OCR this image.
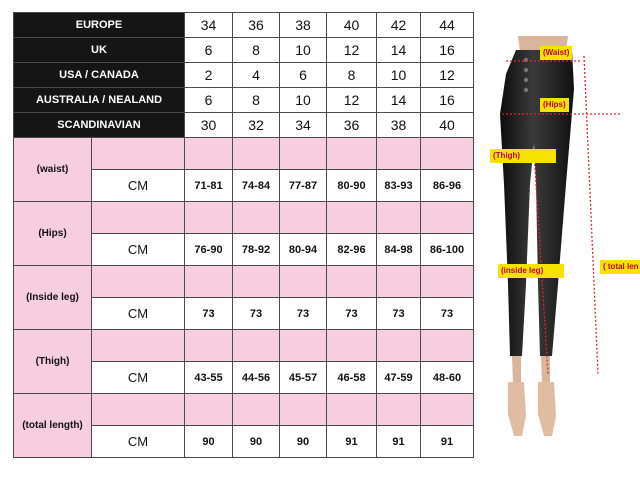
EUROPE		34	36	38	40	42	44
UK		6	8	10	12	14	16
USA / CANADA		2	4	6	8	10	12
AUSTRALIA / NEALAND		6	8	10	12	14	16
SCANDINAVIAN		30	32	34	36	38	40
(waist)							
	CM	71-81	74-84	77-87	80-90	83-93	86-96
(Hips)							
	CM	76-90	78-92	80-94	82-96	84-98	86-100
(Inside leg)							
	CM	73	73	73	73	73	73
(Thigh)							
	CM	43-55	44-56	45-57	46-58	47-59	48-60
(total length)							
	CM	90	90	90	91	91	91
(Waist)
(Hips)
(Thigh)
(inside leg)	( total len
